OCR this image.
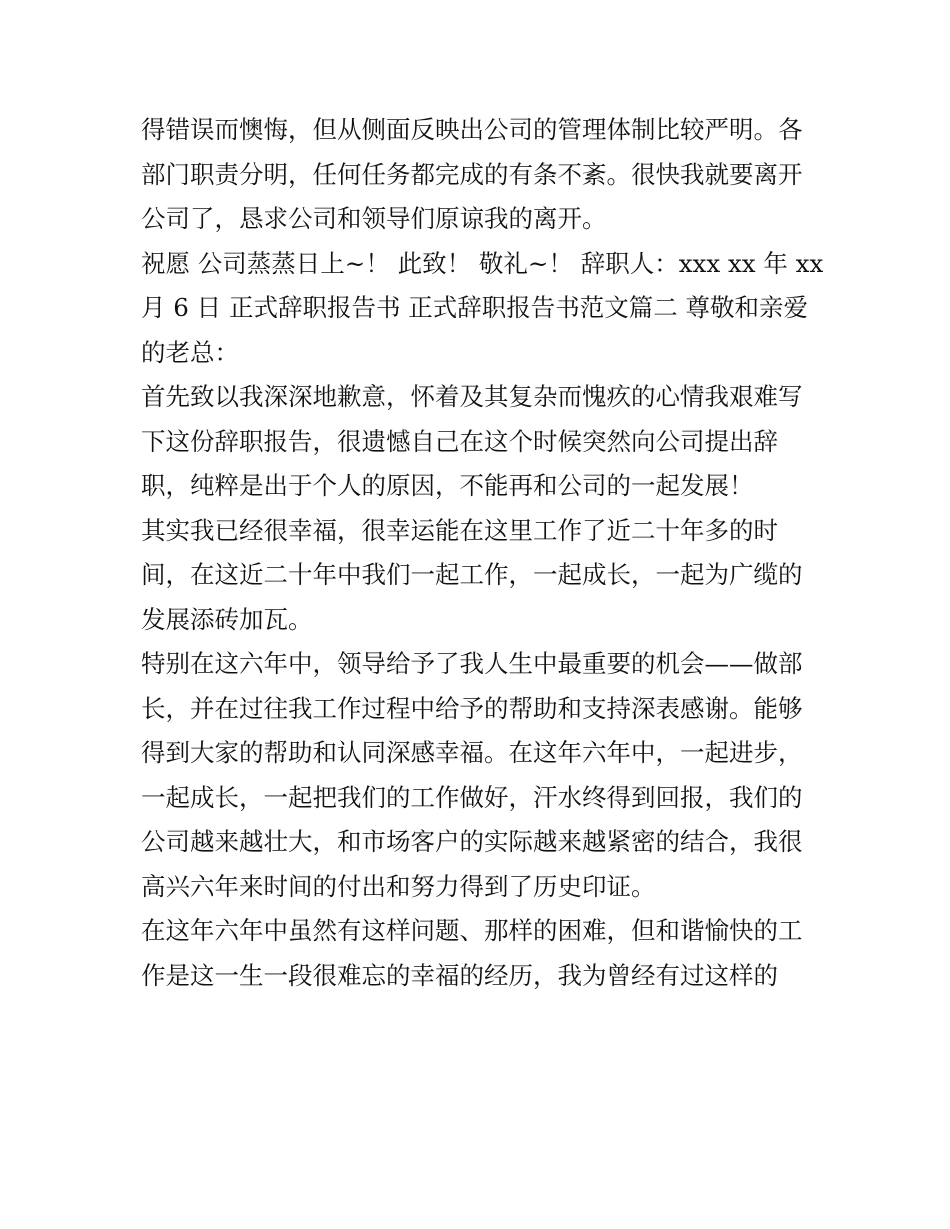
得错误而懊悔，但从侧面反映出公司的管理体制比较严明。各
部门职责分明，任何任务都完成的有条不紊。很快我就要离开
公司了，恳求公司和领导们原谅我的离开。
祝愿 公司蒸蒸日上~！ 此致！ 敬礼~！ 辞职人：xxx xx 年 xx
月 6 日 正式辞职报告书 正式辞职报告书范文篇二 尊敬和亲爱
的老总：
首先致以我深深地歉意，怀着及其复杂而愧疚的心情我艰难写
下这份辞职报告，很遗憾自己在这个时候突然向公司提出辞
职，纯粹是出于个人的原因，不能再和公司的一起发展！
其实我已经很幸福，很幸运能在这里工作了近二十年多的时
间，在这近二十年中我们一起工作，一起成长，一起为广缆的
发展添砖加瓦。
特别在这六年中，领导给予了我人生中最重要的机会——做部
长，并在过往我工作过程中给予的帮助和支持深表感谢。能够
得到大家的帮助和认同深感幸福。在这年六年中，一起进步，
一起成长，一起把我们的工作做好，汗水终得到回报，我们的
公司越来越壮大，和市场客户的实际越来越紧密的结合，我很
高兴六年来时间的付出和努力得到了历史印证。
在这年六年中虽然有这样问题、那样的困难，但和谐愉快的工
作是这一生一段很难忘的幸福的经历，我为曾经有过这样的
